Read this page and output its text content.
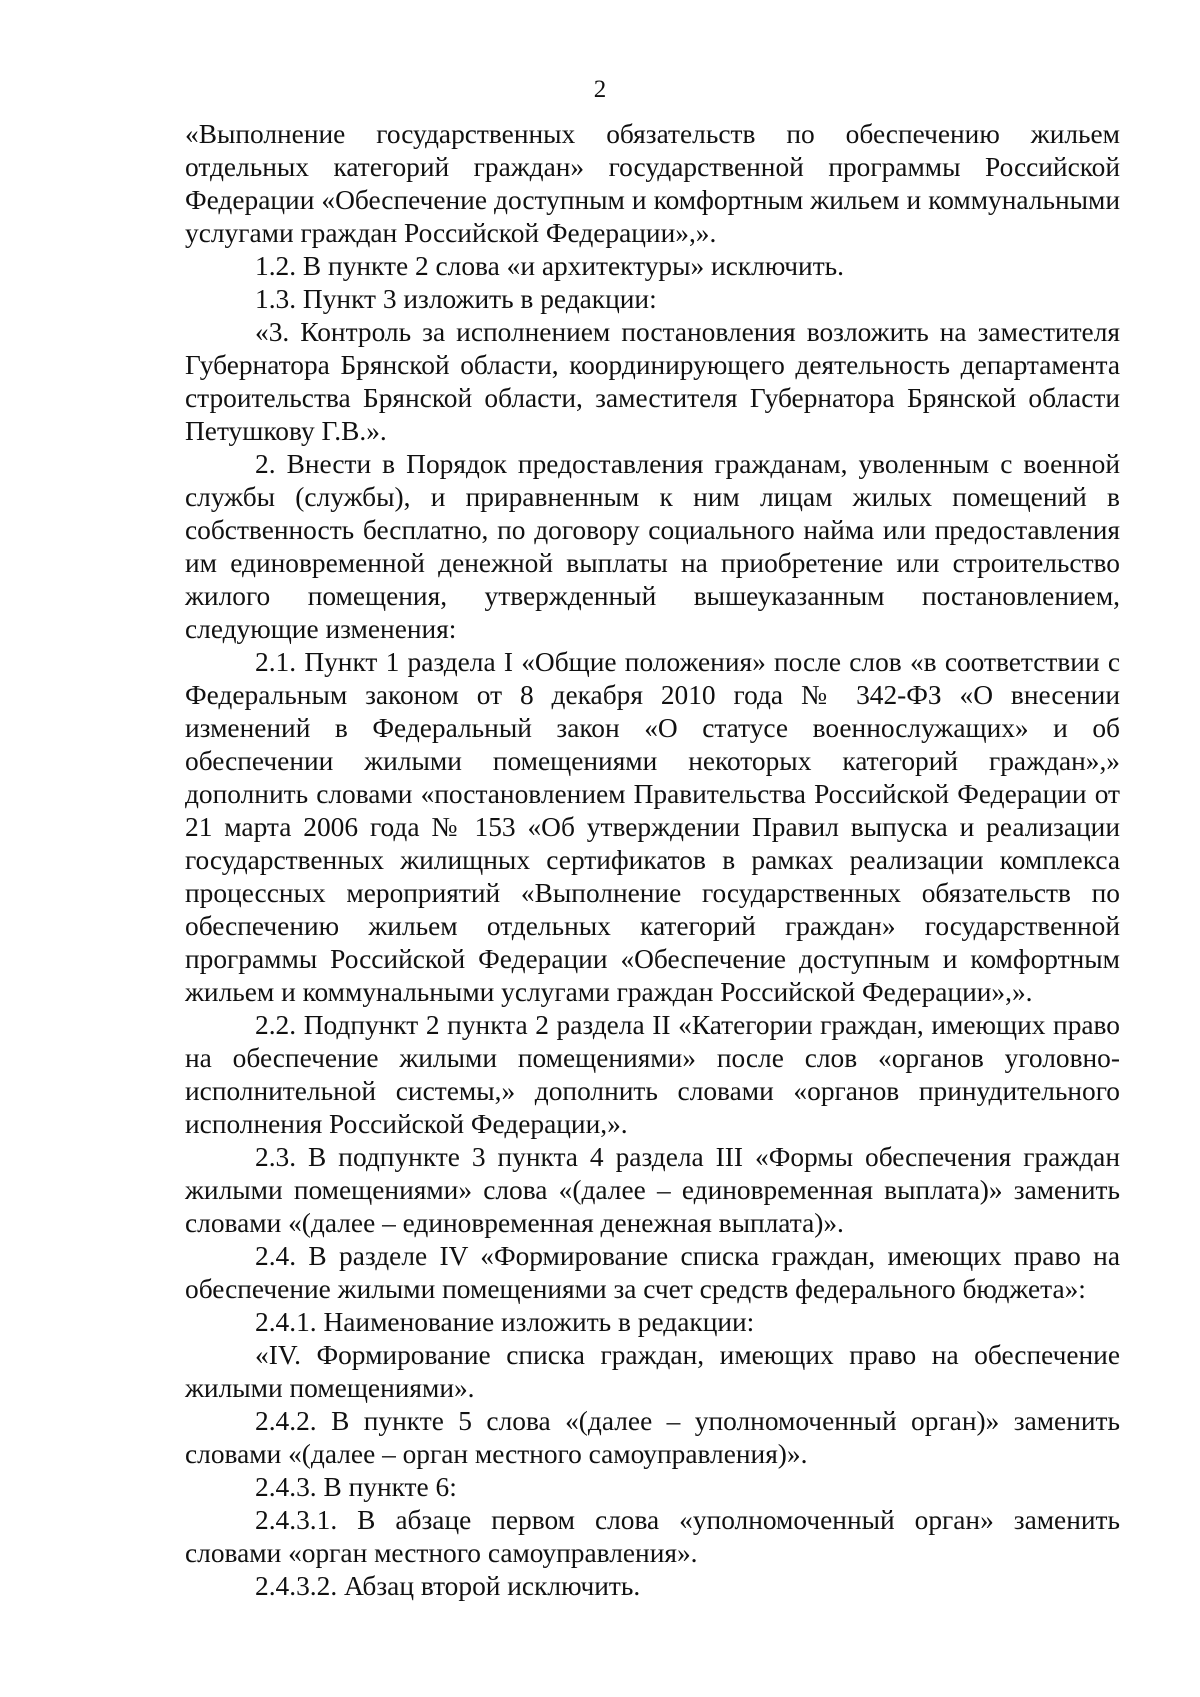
2

«Выполнение государственных обязательств по обеспечению жильем отдельных категорий граждан» государственной программы Российской Федерации «Обеспечение доступным и комфортным жильем и коммунальными услугами граждан Российской Федерации»,».

1.2. В пункте 2 слова «и архитектуры» исключить.

1.3. Пункт 3 изложить в редакции:

«3. Контроль за исполнением постановления возложить на заместителя Губернатора Брянской области, координирующего деятельность департамента строительства Брянской области, заместителя Губернатора Брянской области Петушкову Г.В.».

2. Внести в Порядок предоставления гражданам, уволенным с военной службы (службы), и приравненным к ним лицам жилых помещений в собственность бесплатно, по договору социального найма или предоставления им единовременной денежной выплаты на приобретение или строительство жилого помещения, утвержденный вышеуказанным постановлением, следующие изменения:

2.1. Пункт 1 раздела I «Общие положения» после слов «в соответствии с Федеральным законом от 8 декабря 2010 года № 342-ФЗ «О внесении изменений в Федеральный закон «О статусе военнослужащих» и об обеспечении жилыми помещениями некоторых категорий граждан»,» дополнить словами «постановлением Правительства Российской Федерации от 21 марта 2006 года № 153 «Об утверждении Правил выпуска и реализации государственных жилищных сертификатов в рамках реализации комплекса процессных мероприятий «Выполнение государственных обязательств по обеспечению жильем отдельных категорий граждан» государственной программы Российской Федерации «Обеспечение доступным и комфортным жильем и коммунальными услугами граждан Российской Федерации»,».

2.2. Подпункт 2 пункта 2 раздела II «Категории граждан, имеющих право на обеспечение жилыми помещениями» после слов «органов уголовно-исполнительной системы,» дополнить словами «органов принудительного исполнения Российской Федерации,».

2.3. В подпункте 3 пункта 4 раздела III «Формы обеспечения граждан жилыми помещениями» слова «(далее – единовременная выплата)» заменить словами «(далее – единовременная денежная выплата)».

2.4. В разделе IV «Формирование списка граждан, имеющих право на обеспечение жилыми помещениями за счет средств федерального бюджета»:

2.4.1. Наименование изложить в редакции:

«IV. Формирование списка граждан, имеющих право на обеспечение жилыми помещениями».

2.4.2. В пункте 5 слова «(далее – уполномоченный орган)» заменить словами «(далее – орган местного самоуправления)».

2.4.3. В пункте 6:

2.4.3.1. В абзаце первом слова «уполномоченный орган» заменить словами «орган местного самоуправления».

2.4.3.2. Абзац второй исключить.
